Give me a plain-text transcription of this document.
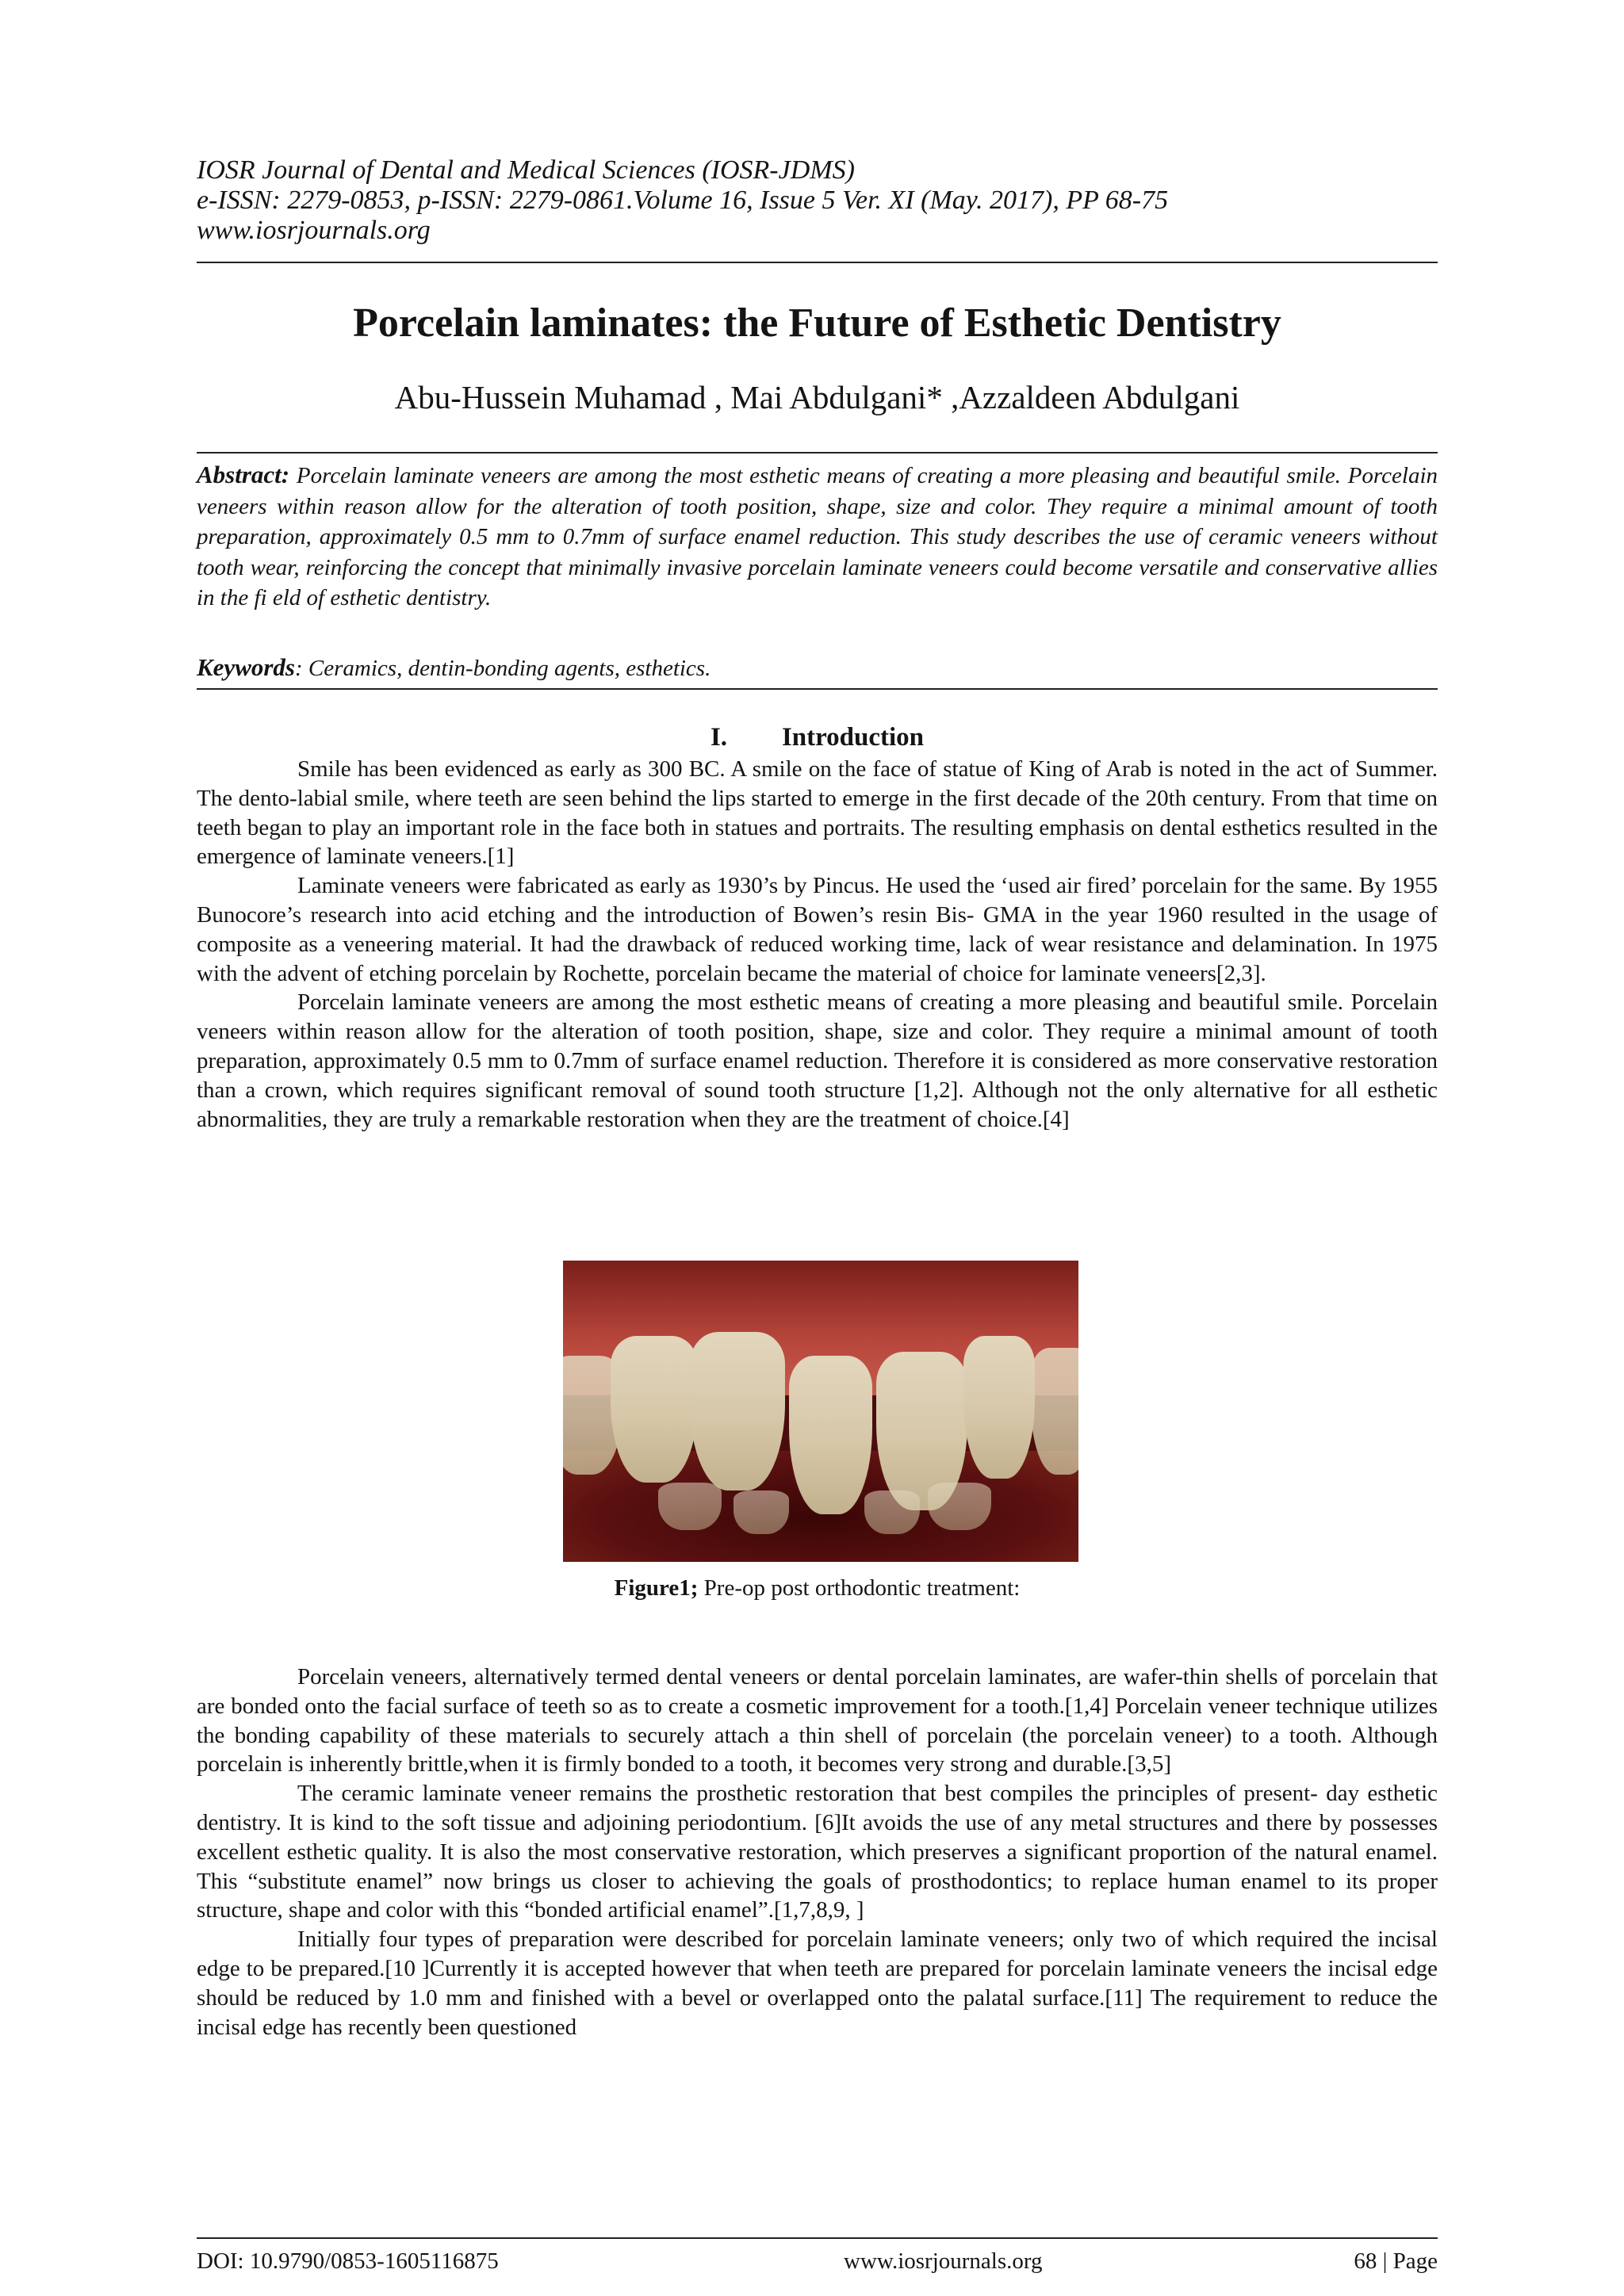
IOSR Journal of Dental and Medical Sciences (IOSR-JDMS)
e-ISSN: 2279-0853, p-ISSN: 2279-0861.Volume 16, Issue 5 Ver. XI (May. 2017), PP 68-75
www.iosrjournals.org
Porcelain laminates: the Future of Esthetic Dentistry
Abu-Hussein Muhamad , Mai Abdulgani* ,Azzaldeen Abdulgani
Abstract: Porcelain laminate veneers are among the most esthetic means of creating a more pleasing and beautiful smile. Porcelain veneers within reason allow for the alteration of tooth position, shape, size and color. They require a minimal amount of tooth preparation, approximately 0.5 mm to 0.7mm of surface enamel reduction. This study describes the use of ceramic veneers without tooth wear, reinforcing the concept that minimally invasive porcelain laminate veneers could become versatile and conservative allies in the fi eld of esthetic dentistry.
Keywords: Ceramics, dentin-bonding agents, esthetics.
I. Introduction

Smile has been evidenced as early as 300 BC. A smile on the face of statue of King of Arab is noted in the act of Summer. The dento-labial smile, where teeth are seen behind the lips started to emerge in the first decade of the 20th century. From that time on teeth began to play an important role in the face both in statues and portraits. The resulting emphasis on dental esthetics resulted in the emergence of laminate veneers.[1]

Laminate veneers were fabricated as early as 1930’s by Pincus. He used the ‘used air fired’ porcelain for the same. By 1955 Bunocore’s research into acid etching and the introduction of Bowen’s resin Bis- GMA in the year 1960 resulted in the usage of composite as a veneering material. It had the drawback of reduced working time, lack of wear resistance and delamination. In 1975 with the advent of etching porcelain by Rochette, porcelain became the material of choice for laminate veneers[2,3].

Porcelain laminate veneers are among the most esthetic means of creating a more pleasing and beautiful smile. Porcelain veneers within reason allow for the alteration of tooth position, shape, size and color. They require a minimal amount of tooth preparation, approximately 0.5 mm to 0.7mm of surface enamel reduction. Therefore it is considered as more conservative restoration than a crown, which requires significant removal of sound tooth structure [1,2]. Although not the only alternative for all esthetic abnormalities, they are truly a remarkable restoration when they are the treatment of choice.[4]

Figure1; Pre-op post orthodontic treatment:

Porcelain veneers, alternatively termed dental veneers or dental porcelain laminates, are wafer-thin shells of porcelain that are bonded onto the facial surface of teeth so as to create a cosmetic improvement for a tooth.[1,4] Porcelain veneer technique utilizes the bonding capability of these materials to securely attach a thin shell of porcelain (the porcelain veneer) to a tooth. Although porcelain is inherently brittle,when it is firmly bonded to a tooth, it becomes very strong and durable.[3,5]

The ceramic laminate veneer remains the prosthetic restoration that best compiles the principles of present- day esthetic dentistry. It is kind to the soft tissue and adjoining periodontium. [6]It avoids the use of any metal structures and there by possesses excellent esthetic quality. It is also the most conservative restoration, which preserves a significant proportion of the natural enamel. This “substitute enamel” now brings us closer to achieving the goals of prosthodontics; to replace human enamel to its proper structure, shape and color with this “bonded artificial enamel”.[1,7,8,9, ]

Initially four types of preparation were described for porcelain laminate veneers; only two of which required the incisal edge to be prepared.[10 ]Currently it is accepted however that when teeth are prepared for porcelain laminate veneers the incisal edge should be reduced by 1.0 mm and finished with a bevel or overlapped onto the palatal surface.[11] The requirement to reduce the incisal edge has recently been questioned

DOI: 10.9790/0853-1605116875	www.iosrjournals.org	68 | Page
